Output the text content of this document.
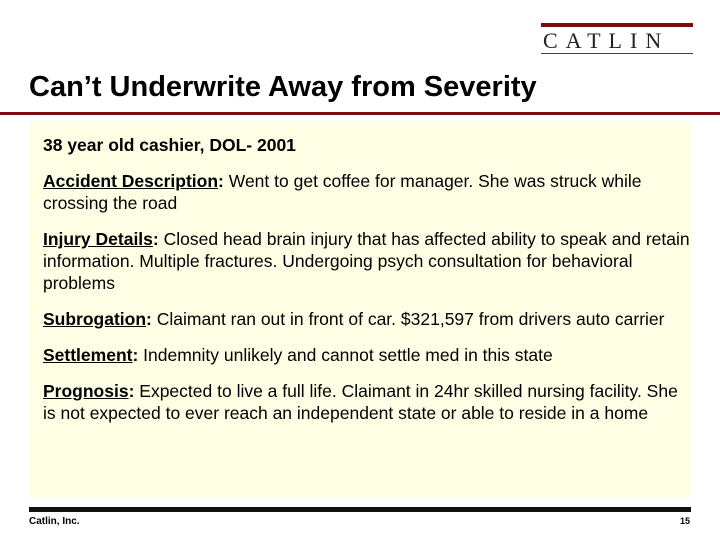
CATLIN
Can’t Underwrite Away from Severity

38 year old cashier, DOL- 2001

Accident Description: Went to get coffee for manager. She was struck while crossing the road

Injury Details: Closed head brain injury that has affected ability to speak and retain information. Multiple fractures. Undergoing psych consultation for behavioral problems

Subrogation: Claimant ran out in front of car. $321,597 from drivers auto carrier

Settlement: Indemnity unlikely and cannot settle med in this state

Prognosis: Expected to live a full life. Claimant in 24hr skilled nursing facility. She is not expected to ever reach an independent state or able to reside in a home

Catlin, Inc.	15
